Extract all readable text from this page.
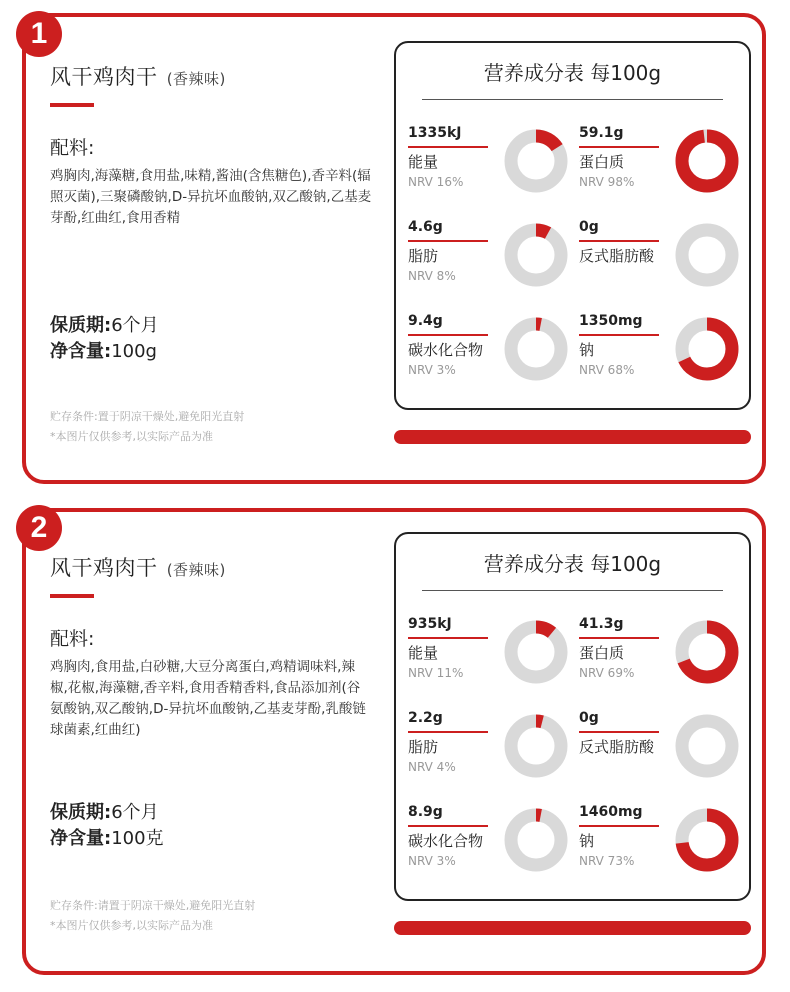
1
2
风干鸡肉干 (香辣味)
配料:
鸡胸肉,海藻糖,食用盐,味精,酱油(含焦糖色),香辛料(辐照灭菌),三聚磷酸钠,D-异抗坏血酸钠,双乙酸钠,乙基麦芽酚,红曲红,食用香精
保质期:6个月
净含量:100g
贮存条件:置于阴凉干燥处,避免阳光直射
*本图片仅供参考,以实际产品为准
营养成分表 每100g
1335kJ
能量
NRV 16%
59.1g
蛋白质
NRV 98%
4.6g
脂肪
NRV 8%
0g
反式脂肪酸
9.4g
碳水化合物
NRV 3%
1350mg
钠
NRV 68%
风干鸡肉干 (香辣味)
配料:
鸡胸肉,食用盐,白砂糖,大豆分离蛋白,鸡精调味料,辣椒,花椒,海藻糖,香辛料,食用香精香料,食品添加剂(谷氨酸钠,双乙酸钠,D-异抗坏血酸钠,乙基麦芽酚,乳酸链球菌素,红曲红)
保质期:6个月
净含量:100克
贮存条件:请置于阴凉干燥处,避免阳光直射
*本图片仅供参考,以实际产品为准
营养成分表 每100g
935kJ
能量
NRV 11%
41.3g
蛋白质
NRV 69%
2.2g
脂肪
NRV 4%
0g
反式脂肪酸
8.9g
碳水化合物
NRV 3%
1460mg
钠
NRV 73%
